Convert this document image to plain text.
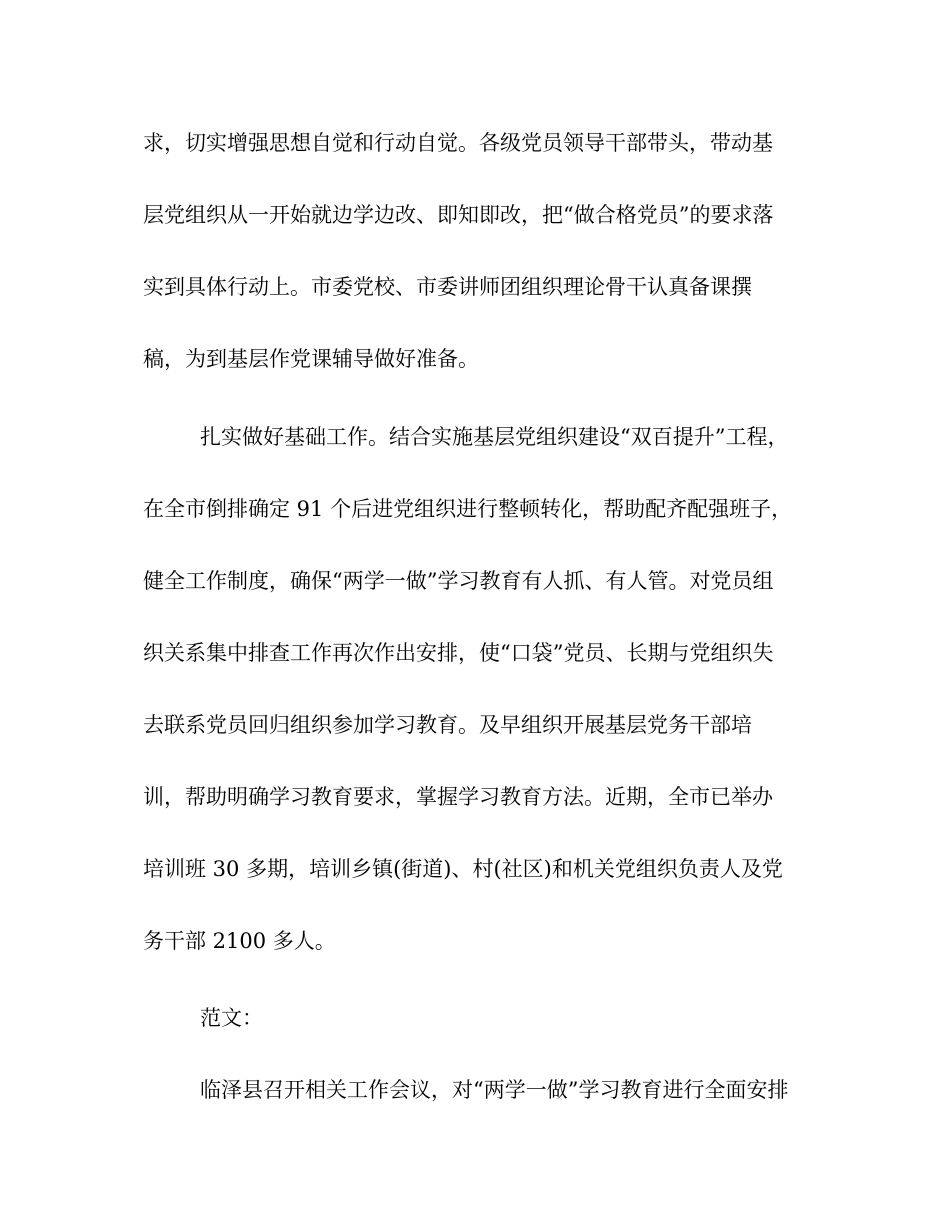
求，切实增强思想自觉和行动自觉。各级党员领导干部带头，带动基
层党组织从一开始就边学边改、即知即改，把“做合格党员”的要求落
实到具体行动上。市委党校、市委讲师团组织理论骨干认真备课撰
稿，为到基层作党课辅导做好准备。
扎实做好基础工作。结合实施基层党组织建设“双百提升”工程，
在全市倒排确定 91 个后进党组织进行整顿转化，帮助配齐配强班子，
健全工作制度，确保“两学一做”学习教育有人抓、有人管。对党员组
织关系集中排查工作再次作出安排，使“口袋”党员、长期与党组织失
去联系党员回归组织参加学习教育。及早组织开展基层党务干部培
训，帮助明确学习教育要求，掌握学习教育方法。近期，全市已举办
培训班 30 多期，培训乡镇(街道)、村(社区)和机关党组织负责人及党
务干部 2100 多人。
范文：
临泽县召开相关工作会议，对“两学一做”学习教育进行全面安排
